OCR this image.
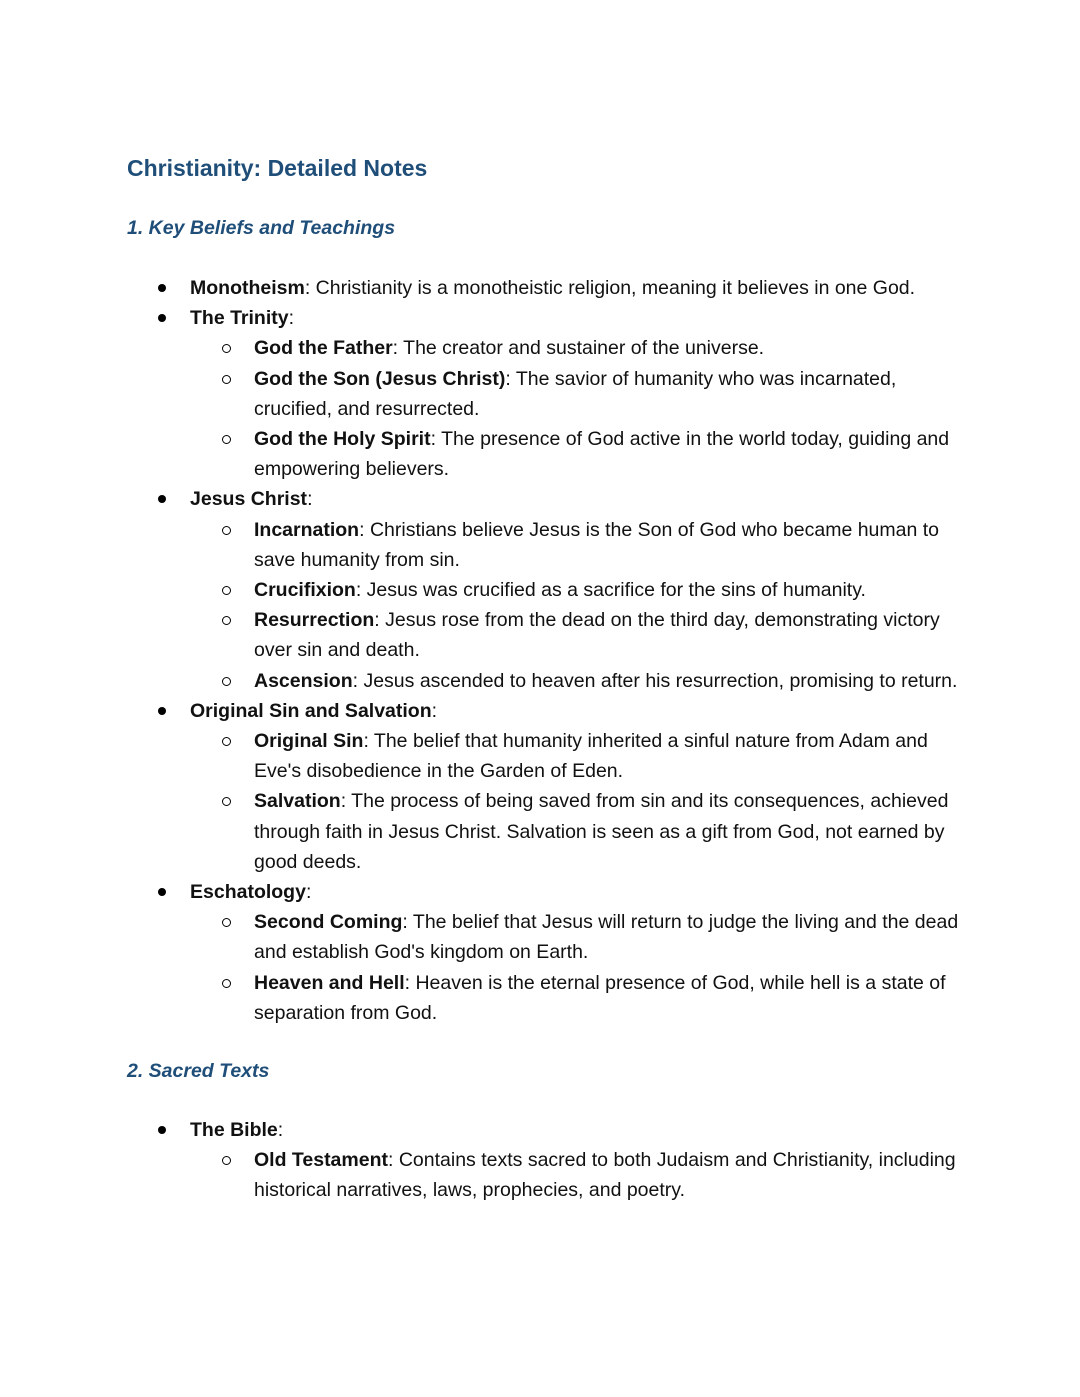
Christianity: Detailed Notes
1. Key Beliefs and Teachings
Monotheism: Christianity is a monotheistic religion, meaning it believes in one God.
The Trinity:
God the Father: The creator and sustainer of the universe.
God the Son (Jesus Christ): The savior of humanity who was incarnated, crucified, and resurrected.
God the Holy Spirit: The presence of God active in the world today, guiding and empowering believers.
Jesus Christ:
Incarnation: Christians believe Jesus is the Son of God who became human to save humanity from sin.
Crucifixion: Jesus was crucified as a sacrifice for the sins of humanity.
Resurrection: Jesus rose from the dead on the third day, demonstrating victory over sin and death.
Ascension: Jesus ascended to heaven after his resurrection, promising to return.
Original Sin and Salvation:
Original Sin: The belief that humanity inherited a sinful nature from Adam and Eve's disobedience in the Garden of Eden.
Salvation: The process of being saved from sin and its consequences, achieved through faith in Jesus Christ. Salvation is seen as a gift from God, not earned by good deeds.
Eschatology:
Second Coming: The belief that Jesus will return to judge the living and the dead and establish God's kingdom on Earth.
Heaven and Hell: Heaven is the eternal presence of God, while hell is a state of separation from God.
2. Sacred Texts
The Bible:
Old Testament: Contains texts sacred to both Judaism and Christianity, including historical narratives, laws, prophecies, and poetry.
